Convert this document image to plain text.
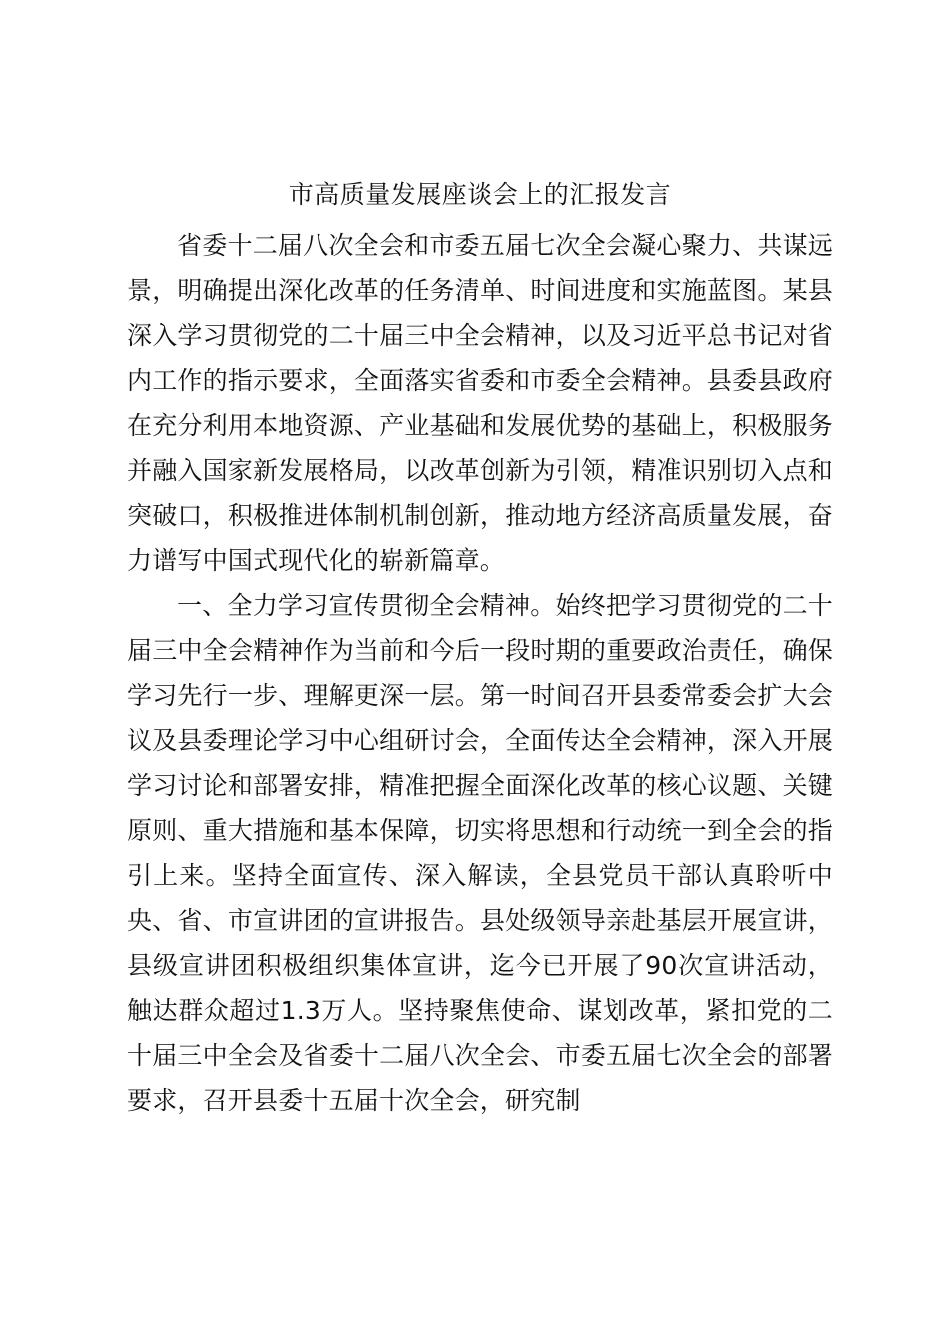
市高质量发展座谈会上的汇报发言

省委十二届八次全会和市委五届七次全会凝心聚力、共谋远景，明确提出深化改革的任务清单、时间进度和实施蓝图。某县深入学习贯彻党的二十届三中全会精神，以及习近平总书记对省内工作的指示要求，全面落实省委和市委全会精神。县委县政府在充分利用本地资源、产业基础和发展优势的基础上，积极服务并融入国家新发展格局，以改革创新为引领，精准识别切入点和突破口，积极推进体制机制创新，推动地方经济高质量发展，奋力谱写中国式现代化的崭新篇章。

一、全力学习宣传贯彻全会精神。始终把学习贯彻党的二十届三中全会精神作为当前和今后一段时期的重要政治责任，确保学习先行一步、理解更深一层。第一时间召开县委常委会扩大会议及县委理论学习中心组研讨会，全面传达全会精神，深入开展学习讨论和部署安排，精准把握全面深化改革的核心议题、关键原则、重大措施和基本保障，切实将思想和行动统一到全会的指引上来。坚持全面宣传、深入解读，全县党员干部认真聆听中央、省、市宣讲团的宣讲报告。县处级领导亲赴基层开展宣讲，县级宣讲团积极组织集体宣讲，迄今已开展了90次宣讲活动，触达群众超过1.3万人。坚持聚焦使命、谋划改革，紧扣党的二十届三中全会及省委十二届八次全会、市委五届七次全会的部署要求，召开县委十五届十次全会，研究制
